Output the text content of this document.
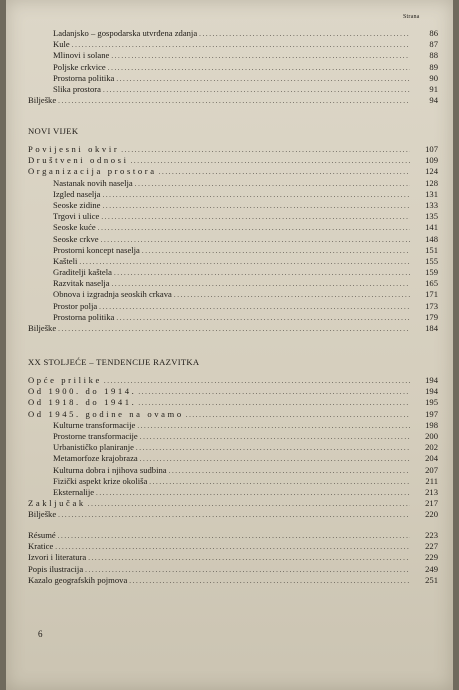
Strana
Ladanjsko – gospodarska utvrđena zdanja .....	86
Kule .....	87
Mlinovi i solane .....	88
Poljske crkvice .....	89
Prostorna politika .....	90
Slika prostora .....	91
Bilješke .....	94
NOVI VIJEK
Povijesni okvir .....	107
Društveni odnosi .....	109
Organizacija prostora .....	124
Nastanak novih naselja .....	128
Izgled naselja .....	131
Seoske zidine .....	133
Trgovi i ulice .....	135
Seoske kuće .....	141
Seoske crkve .....	148
Prostorni koncept naselja .....	151
Kašteli .....	155
Graditelji kaštela .....	159
Razvitak naselja .....	165
Obnova i izgradnja seoskih crkava .....	171
Prostor polja .....	173
Prostorna politika .....	179
Bilješke .....	184
XX STOLJEĆE – TENDENCIJE RAZVITKA
Opće prilike .....	194
Od 1900. do 1914. .....	194
Od 1918. do 1941. .....	195
Od 1945. godine na ovamo .....	197
Kulturne transformacije .....	198
Prostorne transformacije .....	200
Urbanističko planiranje .....	202
Metamorfoze krajobraza .....	204
Kulturna dobra i njihova sudbina .....	207
Fizički aspekt krize okoliša .....	211
Eksternalije .....	213
Zaključak .....	217
Bilješke .....	220
Résumé .....	223
Kratice .....	227
Izvori i literatura .....	229
Popis ilustracija .....	249
Kazalo geografskih pojmova .....	251
6
